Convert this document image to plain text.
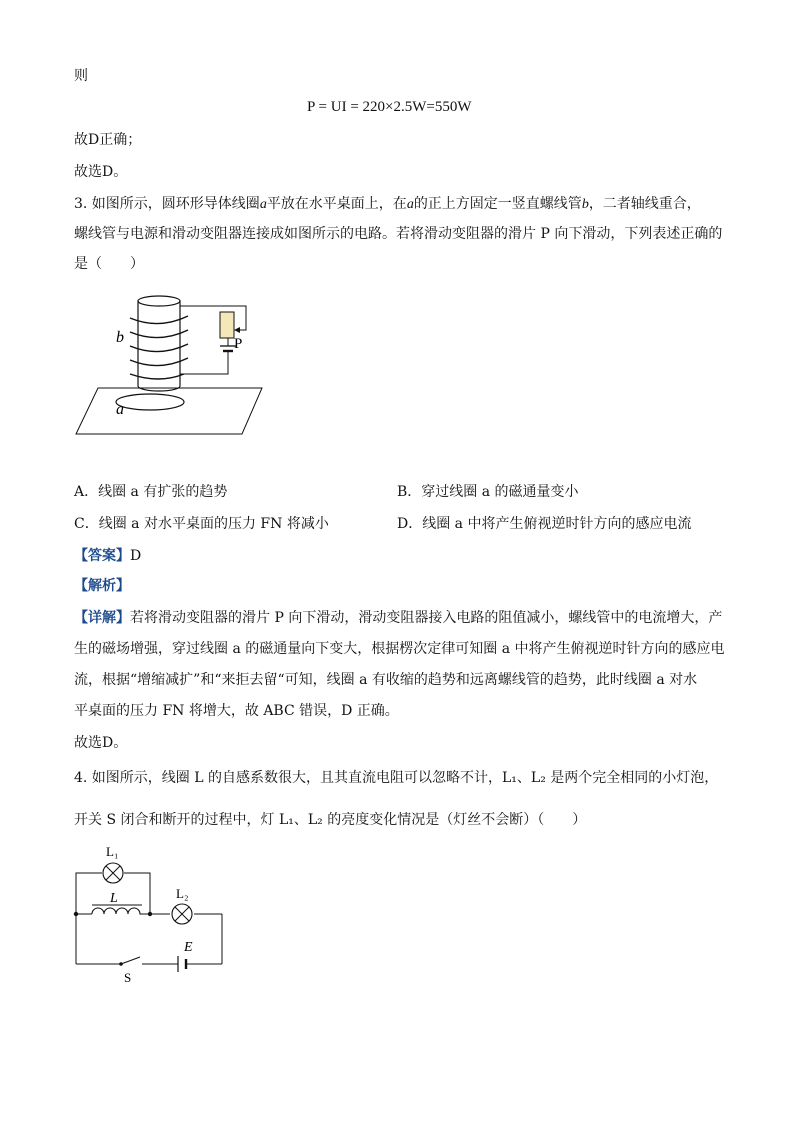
则
P = UI = 220×2.5W=550W
故D正确；
故选D。
3. 如图所示，圆环形导体线圈a平放在水平桌面上，在a的正上方固定一竖直螺线管b，二者轴线重合，
螺线管与电源和滑动变阻器连接成如图所示的电路。若将滑动变阻器的滑片 P 向下滑动，下列表述正确的
是（　　）
b
a
P
A．线圈 a 有扩张的趋势	B．穿过线圈 a 的磁通量变小
C．线圈 a 对水平桌面的压力 FN 将减小	D．线圈 a 中将产生俯视逆时针方向的感应电流
【答案】D
【解析】
【详解】若将滑动变阻器的滑片 P 向下滑动，滑动变阻器接入电路的阻值减小，螺线管中的电流增大，产
生的磁场增强，穿过线圈 a 的磁通量向下变大，根据楞次定律可知圈 a 中将产生俯视逆时针方向的感应电
流，根据“增缩减扩”和“来拒去留“可知，线圈 a 有收缩的趋势和远离螺线管的趋势，此时线圈 a 对水
平桌面的压力 FN 将增大，故 ABC 错误，D 正确。
故选D。
4. 如图所示，线圈 L 的自感系数很大，且其直流电阻可以忽略不计，L₁、L₂ 是两个完全相同的小灯泡，
开关 S 闭合和断开的过程中，灯 L₁、L₂ 的亮度变化情况是（灯丝不会断）（　　）
L₁
L	L₂
E
S
